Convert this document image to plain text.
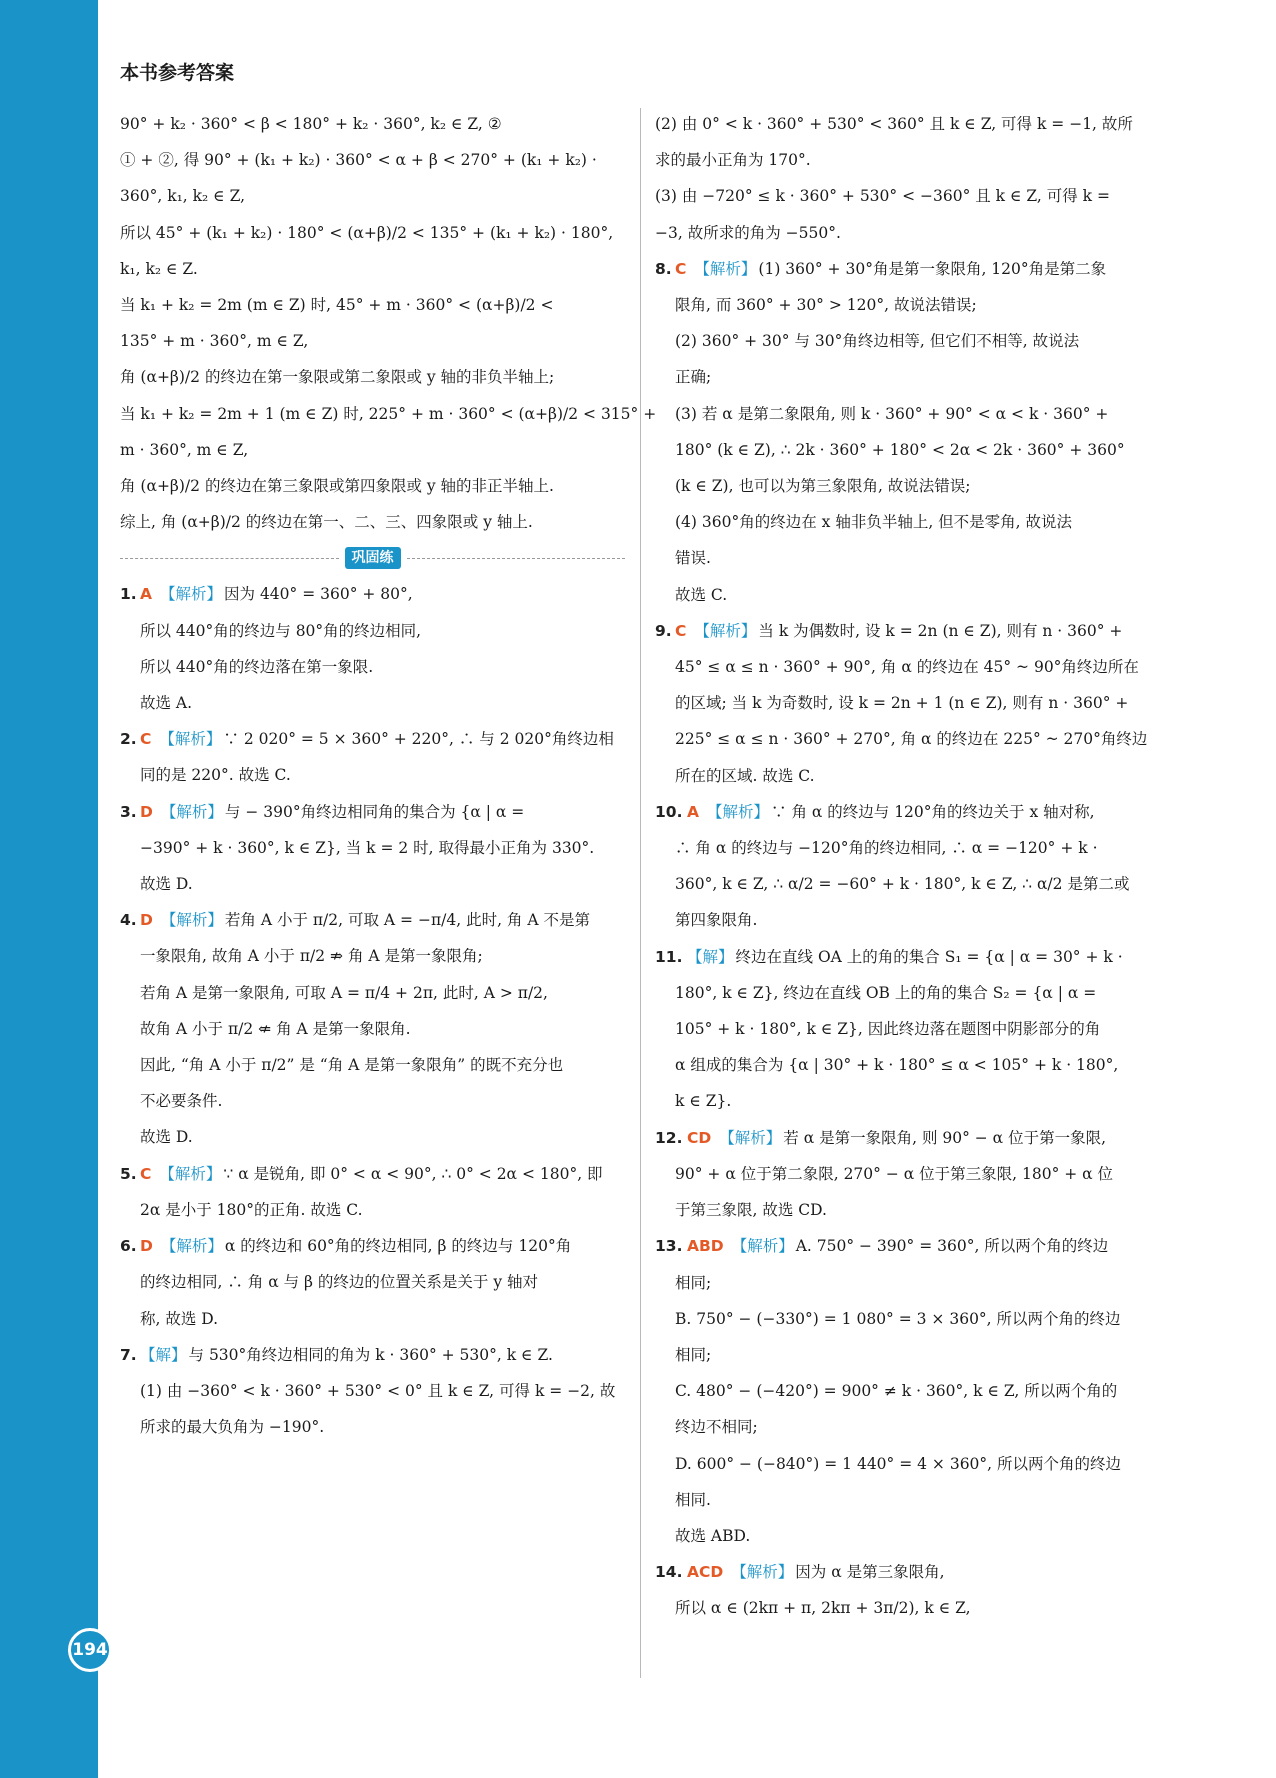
194
本书参考答案
90° + k₂ · 360° < β < 180° + k₂ · 360°, k₂ ∈ Z, ②
① + ②, 得 90° + (k₁ + k₂) · 360° < α + β < 270° + (k₁ + k₂) ·
360°, k₁, k₂ ∈ Z,
所以 45° + (k₁ + k₂) · 180° < (α+β)/2 < 135° + (k₁ + k₂) · 180°,
k₁, k₂ ∈ Z.
当 k₁ + k₂ = 2m (m ∈ Z) 时, 45° + m · 360° < (α+β)/2 <
135° + m · 360°, m ∈ Z,
角 (α+β)/2 的终边在第一象限或第二象限或 y 轴的非负半轴上;
当 k₁ + k₂ = 2m + 1 (m ∈ Z) 时, 225° + m · 360° < (α+β)/2 < 315° +
m · 360°, m ∈ Z,
角 (α+β)/2 的终边在第三象限或第四象限或 y 轴的非正半轴上.
综上, 角 (α+β)/2 的终边在第一、二、三、四象限或 y 轴上.
巩固练
1. A 【解析】 因为 440° = 360° + 80°,
所以 440°角的终边与 80°角的终边相同,
所以 440°角的终边落在第一象限.
故选 A.
2. C 【解析】 ∵ 2 020° = 5 × 360° + 220°, ∴ 与 2 020°角终边相
同的是 220°. 故选 C.
3. D 【解析】 与 − 390°角终边相同角的集合为 {α | α =
−390° + k · 360°, k ∈ Z}, 当 k = 2 时, 取得最小正角为 330°.
故选 D.
4. D 【解析】 若角 A 小于 π/2, 可取 A = −π/4, 此时, 角 A 不是第
一象限角, 故角 A 小于 π/2 ⇏ 角 A 是第一象限角;
若角 A 是第一象限角, 可取 A = π/4 + 2π, 此时, A > π/2,
故角 A 小于 π/2 ⇍ 角 A 是第一象限角.
因此, “角 A 小于 π/2” 是 “角 A 是第一象限角” 的既不充分也
不必要条件.
故选 D.
5. C 【解析】 ∵ α 是锐角, 即 0° < α < 90°, ∴ 0° < 2α < 180°, 即
2α 是小于 180°的正角. 故选 C.
6. D 【解析】 α 的终边和 60°角的终边相同, β 的终边与 120°角
的终边相同, ∴ 角 α 与 β 的终边的位置关系是关于 y 轴对
称, 故选 D.
7. 【解】 与 530°角终边相同的角为 k · 360° + 530°, k ∈ Z.
(1) 由 −360° < k · 360° + 530° < 0° 且 k ∈ Z, 可得 k = −2, 故
所求的最大负角为 −190°.
(2) 由 0° < k · 360° + 530° < 360° 且 k ∈ Z, 可得 k = −1, 故所
求的最小正角为 170°.
(3) 由 −720° ≤ k · 360° + 530° < −360° 且 k ∈ Z, 可得 k =
−3, 故所求的角为 −550°.
8. C 【解析】 (1) 360° + 30°角是第一象限角, 120°角是第二象
限角, 而 360° + 30° > 120°, 故说法错误;
(2) 360° + 30° 与 30°角终边相等, 但它们不相等, 故说法
正确;
(3) 若 α 是第二象限角, 则 k · 360° + 90° < α < k · 360° +
180° (k ∈ Z), ∴ 2k · 360° + 180° < 2α < 2k · 360° + 360°
(k ∈ Z), 也可以为第三象限角, 故说法错误;
(4) 360°角的终边在 x 轴非负半轴上, 但不是零角, 故说法
错误.
故选 C.
9. C 【解析】 当 k 为偶数时, 设 k = 2n (n ∈ Z), 则有 n · 360° +
45° ≤ α ≤ n · 360° + 90°, 角 α 的终边在 45° ~ 90°角终边所在
的区域; 当 k 为奇数时, 设 k = 2n + 1 (n ∈ Z), 则有 n · 360° +
225° ≤ α ≤ n · 360° + 270°, 角 α 的终边在 225° ~ 270°角终边
所在的区域. 故选 C.
10. A 【解析】 ∵ 角 α 的终边与 120°角的终边关于 x 轴对称,
∴ 角 α 的终边与 −120°角的终边相同, ∴ α = −120° + k ·
360°, k ∈ Z, ∴ α/2 = −60° + k · 180°, k ∈ Z, ∴ α/2 是第二或
第四象限角.
11. 【解】 终边在直线 OA 上的角的集合 S₁ = {α | α = 30° + k ·
180°, k ∈ Z}, 终边在直线 OB 上的角的集合 S₂ = {α | α =
105° + k · 180°, k ∈ Z}, 因此终边落在题图中阴影部分的角
α 组成的集合为 {α | 30° + k · 180° ≤ α < 105° + k · 180°,
k ∈ Z}.
12. CD 【解析】 若 α 是第一象限角, 则 90° − α 位于第一象限,
90° + α 位于第二象限, 270° − α 位于第三象限, 180° + α 位
于第三象限, 故选 CD.
13. ABD 【解析】 A. 750° − 390° = 360°, 所以两个角的终边
相同;
B. 750° − (−330°) = 1 080° = 3 × 360°, 所以两个角的终边
相同;
C. 480° − (−420°) = 900° ≠ k · 360°, k ∈ Z, 所以两个角的
终边不相同;
D. 600° − (−840°) = 1 440° = 4 × 360°, 所以两个角的终边
相同.
故选 ABD.
14. ACD 【解析】 因为 α 是第三象限角,
所以 α ∈ (2kπ + π, 2kπ + 3π/2), k ∈ Z,
